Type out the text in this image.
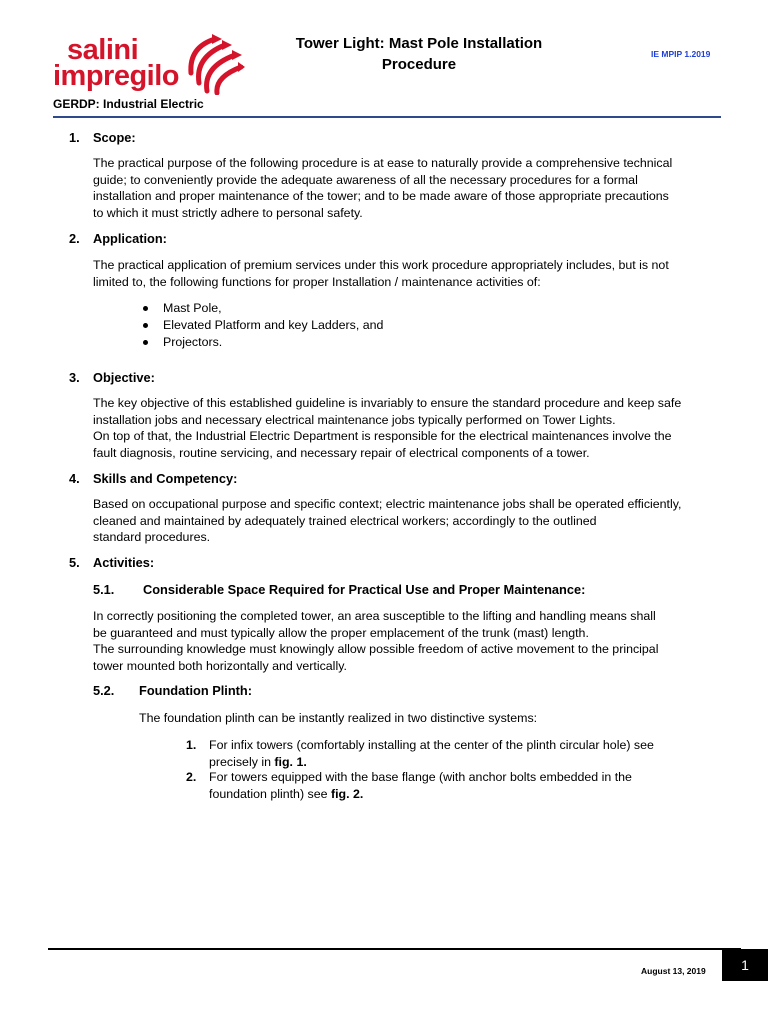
salini
impregilo
GERDP: Industrial Electric
Tower Light: Mast Pole Installation
Procedure
IE MPIP 1.2019
1. Scope:
The practical purpose of the following procedure is at ease to naturally provide a comprehensive technical
guide; to conveniently provide the adequate awareness of all the necessary procedures for a formal
installation and proper maintenance of the tower; and to be made aware of those appropriate precautions
to which it must strictly adhere to personal safety.
2. Application:
The practical application of premium services under this work procedure appropriately includes, but is not
limited to, the following functions for proper Installation / maintenance activities of:
Mast Pole,
Elevated Platform and key Ladders, and
Projectors.
3. Objective:
The key objective of this established guideline is invariably to ensure the standard procedure and keep safe
installation jobs and necessary electrical maintenance jobs typically performed on Tower Lights.
On top of that, the Industrial Electric Department is responsible for the electrical maintenances involve the
fault diagnosis, routine servicing, and necessary repair of electrical components of a tower.
4. Skills and Competency:
Based on occupational purpose and specific context; electric maintenance jobs shall be operated efficiently,
cleaned and maintained by adequately trained electrical workers; accordingly to the outlined
standard procedures.
5. Activities:
5.1. Considerable Space Required for Practical Use and Proper Maintenance:
In correctly positioning the completed tower, an area susceptible to the lifting and handling means shall
be guaranteed and must typically allow the proper emplacement of the trunk (mast) length.
The surrounding knowledge must knowingly allow possible freedom of active movement to the principal
tower mounted both horizontally and vertically.
5.2. Foundation Plinth:
The foundation plinth can be instantly realized in two distinctive systems:
1. For infix towers (comfortably installing at the center of the plinth circular hole) see
precisely in fig. 1.
2. For towers equipped with the base flange (with anchor bolts embedded in the
foundation plinth) see fig. 2.
August 13, 2019	1
